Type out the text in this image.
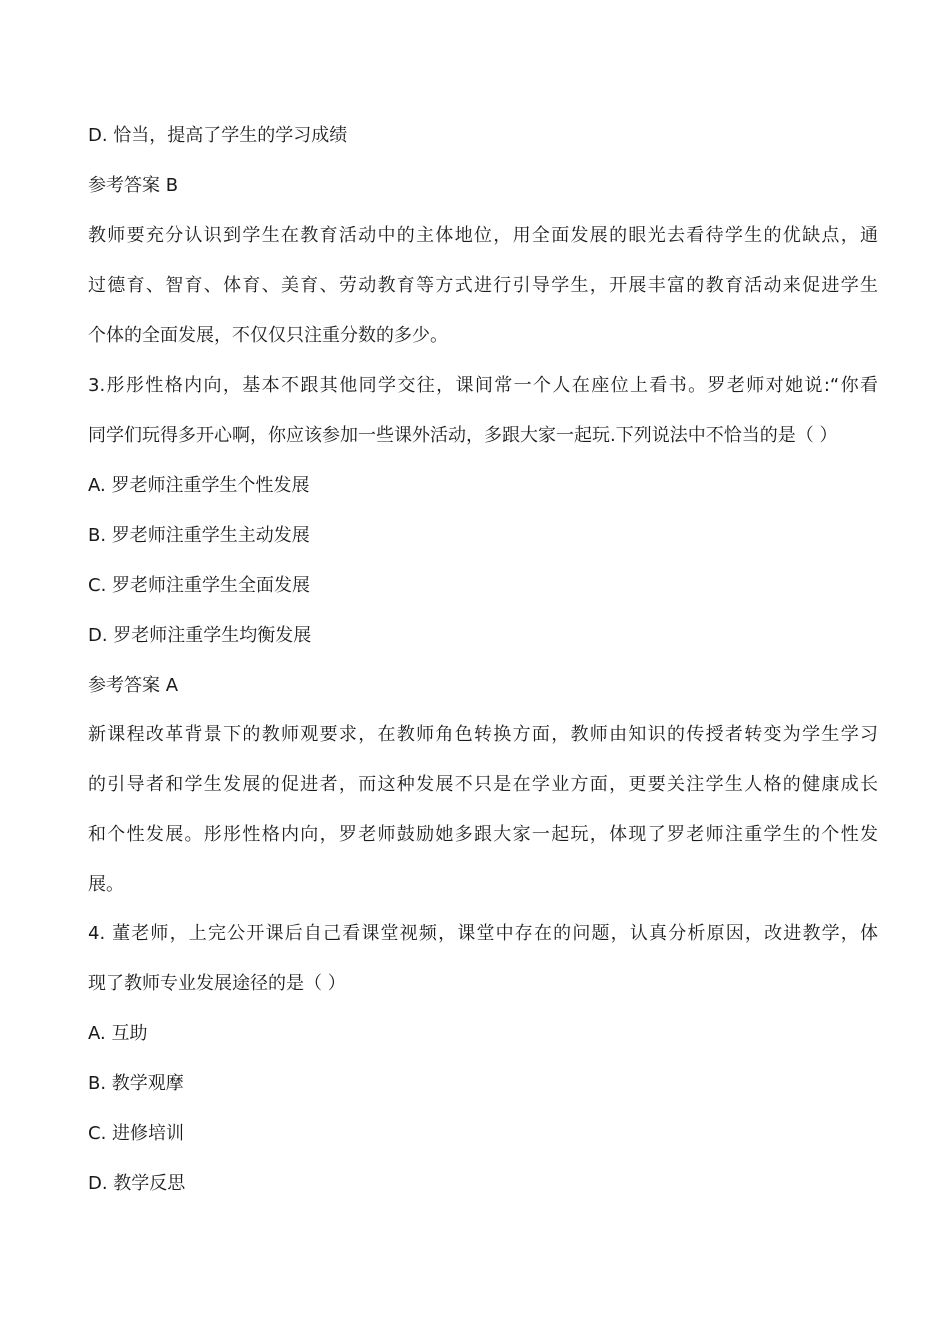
D. 恰当，提高了学生的学习成绩
参考答案 B
教师要充分认识到学生在教育活动中的主体地位，用全面发展的眼光去看待学生的优缺点，通
过德育、智育、体育、美育、劳动教育等方式进行引导学生，开展丰富的教育活动来促进学生
个体的全面发展，不仅仅只注重分数的多少。
3.彤彤性格内向，基本不跟其他同学交往，课间常一个人在座位上看书。罗老师对她说:“你看
同学们玩得多开心啊，你应该参加一些课外活动，多跟大家一起玩.下列说法中不恰当的是（ ）
A. 罗老师注重学生个性发展
B. 罗老师注重学生主动发展
C. 罗老师注重学生全面发展
D. 罗老师注重学生均衡发展
参考答案 A
新课程改革背景下的教师观要求，在教师角色转换方面，教师由知识的传授者转变为学生学习
的引导者和学生发展的促进者，而这种发展不只是在学业方面，更要关注学生人格的健康成长
和个性发展。彤彤性格内向，罗老师鼓励她多跟大家一起玩，体现了罗老师注重学生的个性发
展。
4. 董老师，上完公开课后自己看课堂视频，课堂中存在的问题，认真分析原因，改进教学，体
现了教师专业发展途径的是（ ）
A. 互助
B. 教学观摩
C. 进修培训
D. 教学反思
